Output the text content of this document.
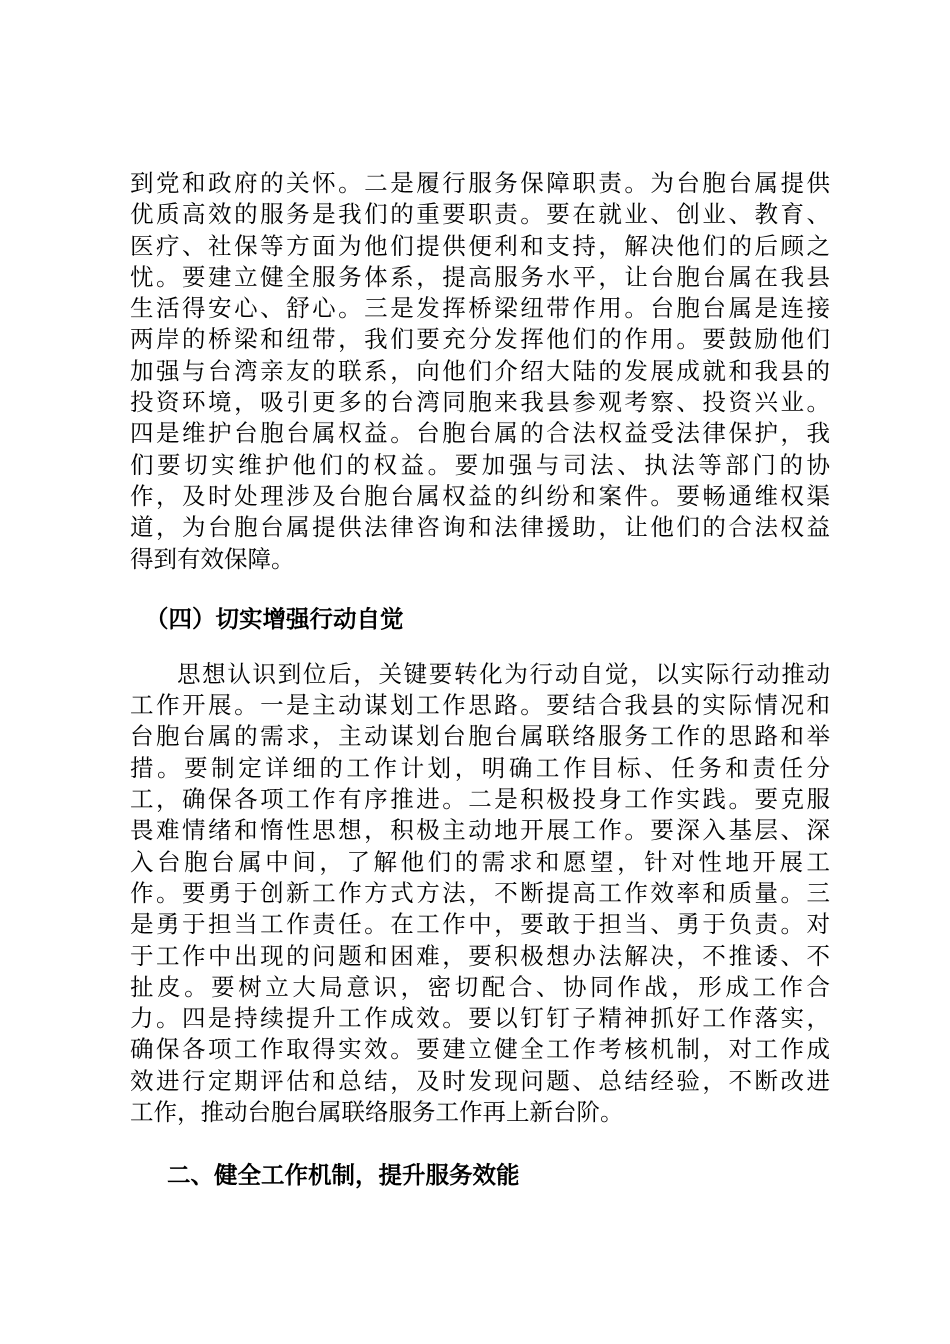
到党和政府的关怀。二是履行服务保障职责。为台胞台属提供
优质高效的服务是我们的重要职责。要在就业、创业、教育、
医疗、社保等方面为他们提供便利和支持，解决他们的后顾之
忧。要建立健全服务体系，提高服务水平，让台胞台属在我县
生活得安心、舒心。三是发挥桥梁纽带作用。台胞台属是连接
两岸的桥梁和纽带，我们要充分发挥他们的作用。要鼓励他们
加强与台湾亲友的联系，向他们介绍大陆的发展成就和我县的
投资环境，吸引更多的台湾同胞来我县参观考察、投资兴业。
四是维护台胞台属权益。台胞台属的合法权益受法律保护，我
们要切实维护他们的权益。要加强与司法、执法等部门的协
作，及时处理涉及台胞台属权益的纠纷和案件。要畅通维权渠
道，为台胞台属提供法律咨询和法律援助，让他们的合法权益
得到有效保障。
（四）切实增强行动自觉
思想认识到位后，关键要转化为行动自觉，以实际行动推动
工作开展。一是主动谋划工作思路。要结合我县的实际情况和
台胞台属的需求，主动谋划台胞台属联络服务工作的思路和举
措。要制定详细的工作计划，明确工作目标、任务和责任分
工，确保各项工作有序推进。二是积极投身工作实践。要克服
畏难情绪和惰性思想，积极主动地开展工作。要深入基层、深
入台胞台属中间，了解他们的需求和愿望，针对性地开展工
作。要勇于创新工作方式方法，不断提高工作效率和质量。三
是勇于担当工作责任。在工作中，要敢于担当、勇于负责。对
于工作中出现的问题和困难，要积极想办法解决，不推诿、不
扯皮。要树立大局意识，密切配合、协同作战，形成工作合
力。四是持续提升工作成效。要以钉钉子精神抓好工作落实，
确保各项工作取得实效。要建立健全工作考核机制，对工作成
效进行定期评估和总结，及时发现问题、总结经验，不断改进
工作，推动台胞台属联络服务工作再上新台阶。
二、健全工作机制，提升服务效能
